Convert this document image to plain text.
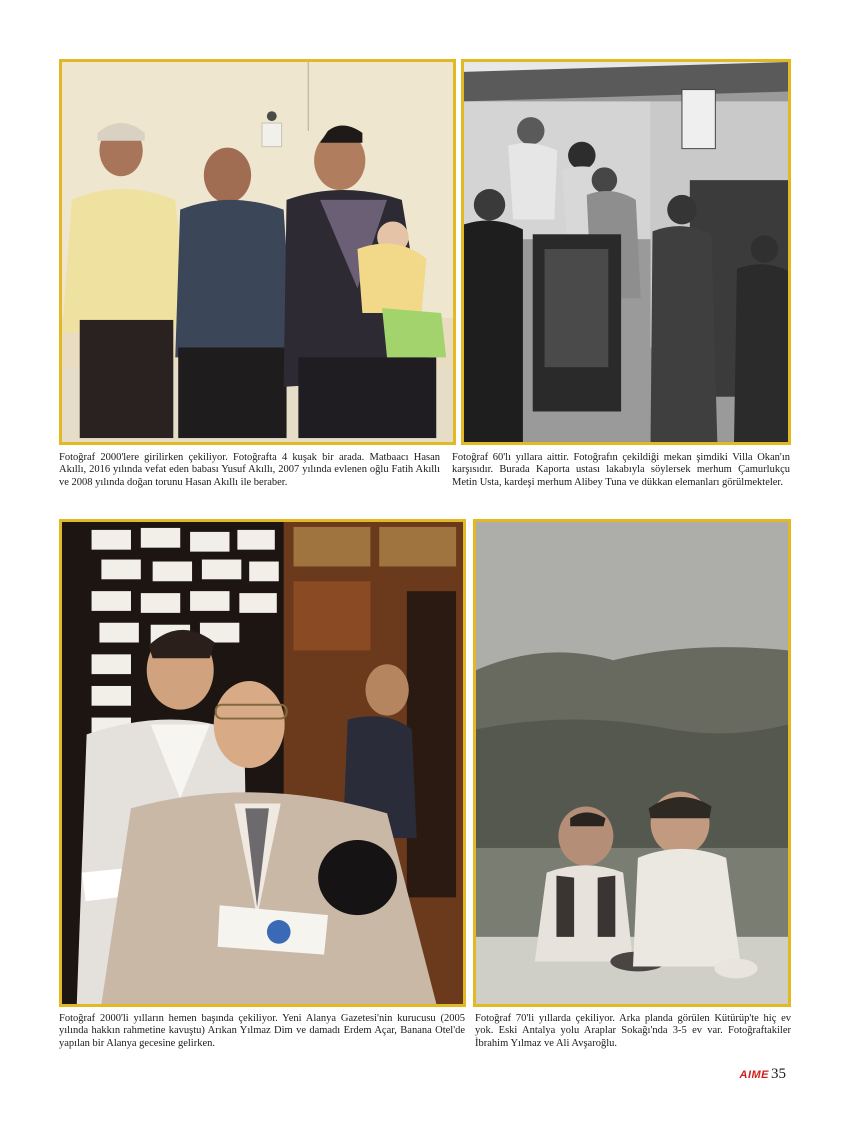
Fotoğraf 2000'lere girilirken çekiliyor. Fotoğrafta 4 kuşak bir arada. Matbaacı Hasan Akıllı, 2016 yılında vefat eden babası Yusuf Akıllı, 2007 yılında evlenen oğlu Fatih Akıllı ve 2008 yılında doğan torunu Hasan Akıllı ile beraber.
Fotoğraf 60'lı yıllara aittir. Fotoğrafın çekildiği mekan şimdiki Villa Okan'ın karşısıdır. Burada Kaporta ustası lakabıyla söylersek merhum Çamurlukçu Metin Usta, kardeşi merhum Alibey Tuna ve dükkan elemanları görülmekteler.
Fotoğraf 2000'li yılların hemen başında çekiliyor. Yeni Alanya Gazetesi'nin kurucusu (2005 yılında hakkın rahmetine kavuştu) Arıkan Yılmaz Dim ve damadı Erdem Açar, Banana Otel'de yapılan bir Alanya gecesine gelirken.
Fotoğraf 70'li yıllarda çekiliyor. Arka planda görülen Kütürüp'te hiç ev yok. Eski Antalya yolu Araplar Sokağı'nda 3-5 ev var. Fotoğraftakiler İbrahim Yılmaz ve Ali Avşaroğlu.
AIME 35
